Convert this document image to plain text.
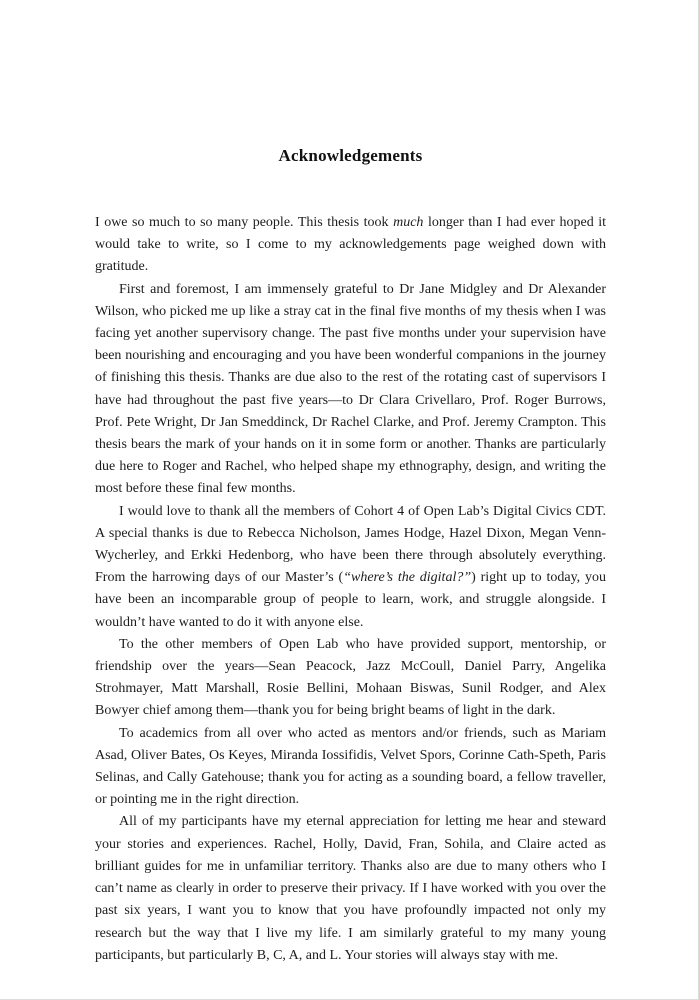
Acknowledgements

I owe so much to so many people. This thesis took much longer than I had ever hoped it would take to write, so I come to my acknowledgements page weighed down with gratitude.

First and foremost, I am immensely grateful to Dr Jane Midgley and Dr Alexander Wilson, who picked me up like a stray cat in the final five months of my thesis when I was facing yet another supervisory change. The past five months under your supervision have been nourishing and encouraging and you have been wonderful companions in the journey of finishing this thesis. Thanks are due also to the rest of the rotating cast of supervisors I have had throughout the past five years—to Dr Clara Crivellaro, Prof. Roger Burrows, Prof. Pete Wright, Dr Jan Smeddinck, Dr Rachel Clarke, and Prof. Jeremy Crampton. This thesis bears the mark of your hands on it in some form or another. Thanks are particularly due here to Roger and Rachel, who helped shape my ethnography, design, and writing the most before these final few months.

I would love to thank all the members of Cohort 4 of Open Lab’s Digital Civics CDT. A special thanks is due to Rebecca Nicholson, James Hodge, Hazel Dixon, Megan Venn-Wycherley, and Erkki Hedenborg, who have been there through absolutely everything. From the harrowing days of our Master’s (“where’s the digital?”) right up to today, you have been an incomparable group of people to learn, work, and struggle alongside. I wouldn’t have wanted to do it with anyone else.

To the other members of Open Lab who have provided support, mentorship, or friendship over the years—Sean Peacock, Jazz McCoull, Daniel Parry, Angelika Strohmayer, Matt Marshall, Rosie Bellini, Mohaan Biswas, Sunil Rodger, and Alex Bowyer chief among them—thank you for being bright beams of light in the dark.

To academics from all over who acted as mentors and/or friends, such as Mariam Asad, Oliver Bates, Os Keyes, Miranda Iossifidis, Velvet Spors, Corinne Cath-Speth, Paris Selinas, and Cally Gatehouse; thank you for acting as a sounding board, a fellow traveller, or pointing me in the right direction.

All of my participants have my eternal appreciation for letting me hear and steward your stories and experiences. Rachel, Holly, David, Fran, Sohila, and Claire acted as brilliant guides for me in unfamiliar territory. Thanks also are due to many others who I can’t name as clearly in order to preserve their privacy. If I have worked with you over the past six years, I want you to know that you have profoundly impacted not only my research but the way that I live my life. I am similarly grateful to my many young participants, but particularly B, C, A, and L. Your stories will always stay with me.
